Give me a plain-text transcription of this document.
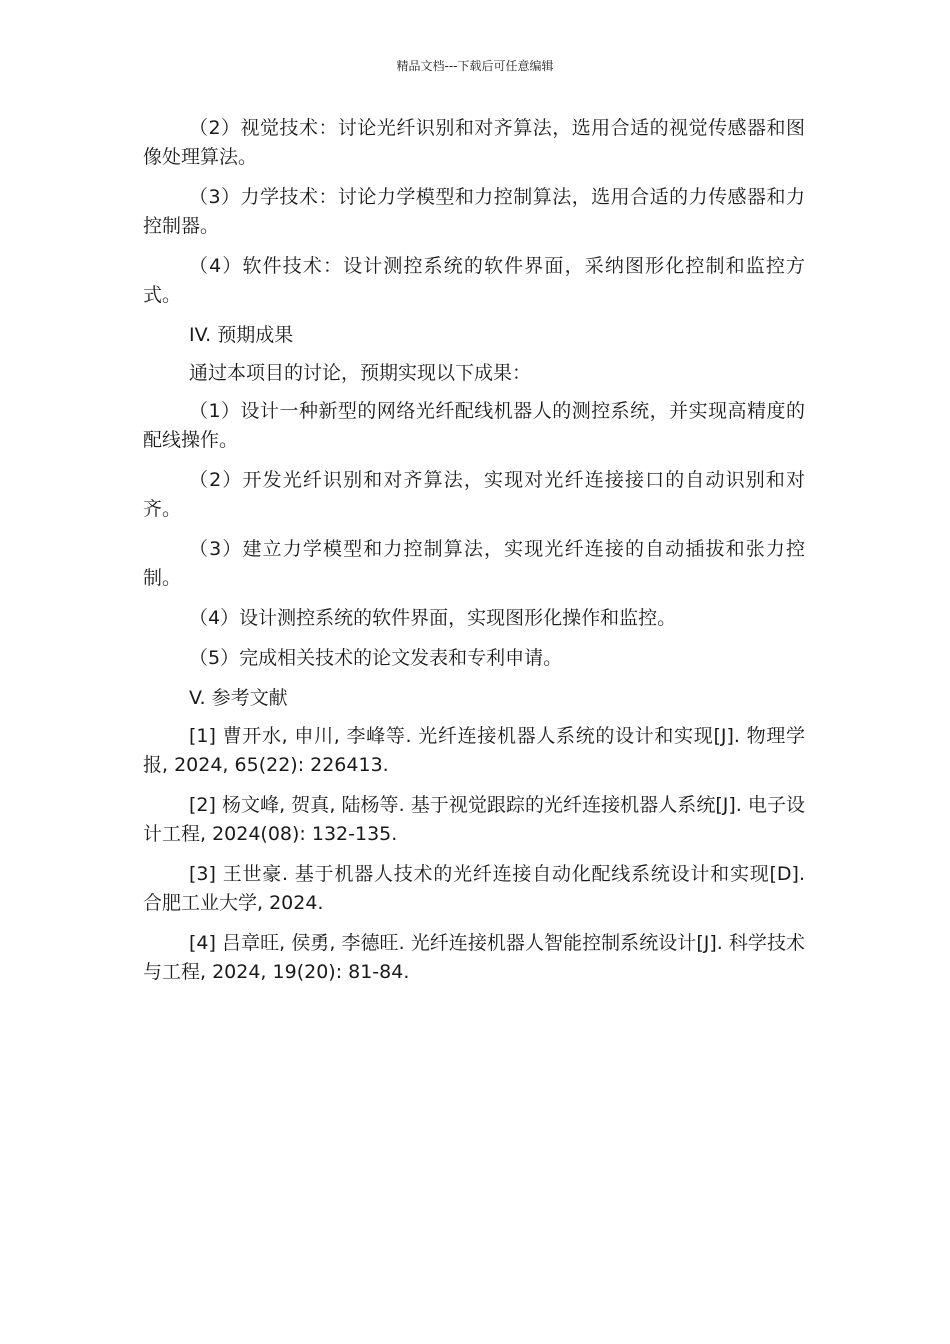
精品文档---下载后可任意编辑

（2）视觉技术：讨论光纤识别和对齐算法，选用合适的视觉传感器和图像处理算法。

（3）力学技术：讨论力学模型和力控制算法，选用合适的力传感器和力控制器。

（4）软件技术：设计测控系统的软件界面，采纳图形化控制和监控方式。

IV. 预期成果

通过本项目的讨论，预期实现以下成果：

（1）设计一种新型的网络光纤配线机器人的测控系统，并实现高精度的配线操作。

（2）开发光纤识别和对齐算法，实现对光纤连接接口的自动识别和对齐。

（3）建立力学模型和力控制算法，实现光纤连接的自动插拔和张力控制。

（4）设计测控系统的软件界面，实现图形化操作和监控。

（5）完成相关技术的论文发表和专利申请。

V. 参考文献

[1] 曹开水, 申川, 李峰等. 光纤连接机器人系统的设计和实现[J]. 物理学报, 2024, 65(22): 226413.

[2] 杨文峰, 贺真, 陆杨等. 基于视觉跟踪的光纤连接机器人系统[J]. 电子设计工程, 2024(08): 132-135.

[3] 王世豪. 基于机器人技术的光纤连接自动化配线系统设计和实现[D]. 合肥工业大学, 2024.

[4] 吕章旺, 侯勇, 李德旺. 光纤连接机器人智能控制系统设计[J]. 科学技术与工程, 2024, 19(20): 81-84.
